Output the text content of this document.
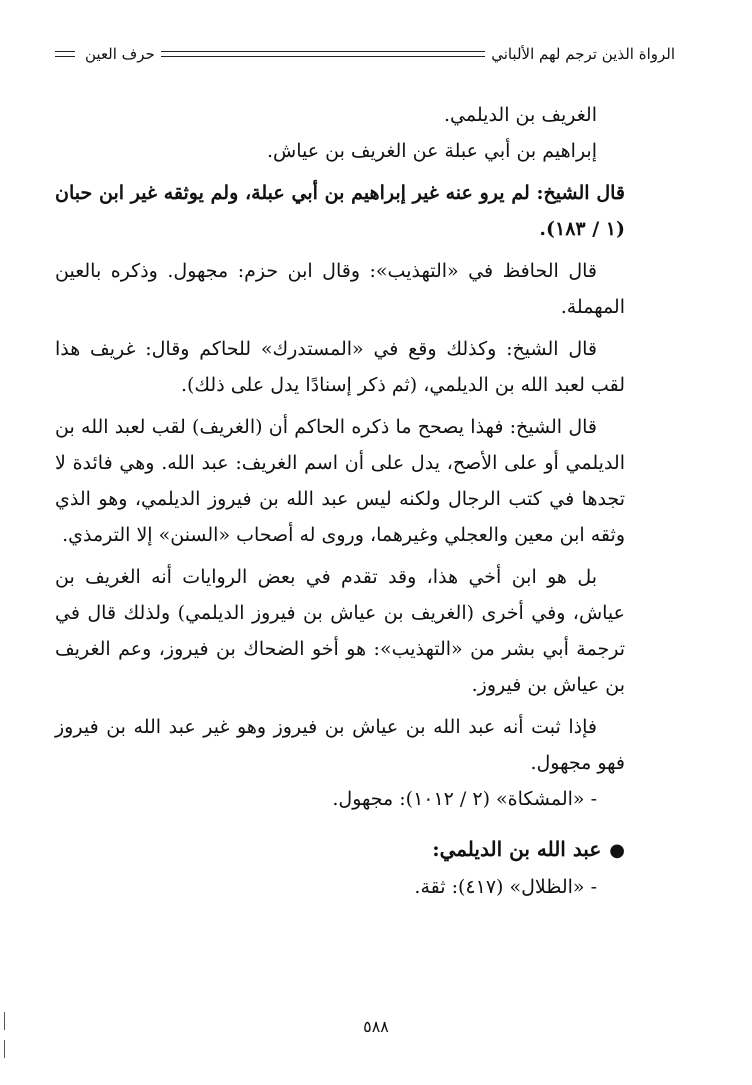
الرواة الذين ترجم لهم الألباني
حرف العين

الغريف بن الديلمي.

إبراهيم بن أبي عبلة عن الغريف بن عياش.

قال الشيخ: لم يرو عنه غير إبراهيم بن أبي عبلة، ولم يوثقه غير ابن حبان (١ / ١٨٣).

قال الحافظ في «التهذيب»: وقال ابن حزم: مجهول. وذكره بالعين المهملة.

قال الشيخ: وكذلك وقع في «المستدرك» للحاكم وقال: غريف هذا لقب لعبد الله بن الديلمي، (ثم ذكر إسنادًا يدل على ذلك).

قال الشيخ: فهذا يصحح ما ذكره الحاكم أن (الغريف) لقب لعبد الله بن الديلمي أو على الأصح، يدل على أن اسم الغريف: عبد الله. وهي فائدة لا تجدها في كتب الرجال ولكنه ليس عبد الله بن فيروز الديلمي، وهو الذي وثقه ابن معين والعجلي وغيرهما، وروى له أصحاب «السنن» إلا الترمذي.

بل هو ابن أخي هذا، وقد تقدم في بعض الروايات أنه الغريف بن عياش، وفي أخرى (الغريف بن عياش بن فيروز الديلمي) ولذلك قال في ترجمة أبي بشر من «التهذيب»: هو أخو الضحاك بن فيروز، وعم الغريف بن عياش بن فيروز.

فإذا ثبت أنه عبد الله بن عياش بن فيروز وهو غير عبد الله بن فيروز فهو مجهول.

- «المشكاة» (٢ / ١٠١٢): مجهول.

●عبد الله بن الديلمي:

- «الظلال» (٤١٧): ثقة.

٥٨٨
